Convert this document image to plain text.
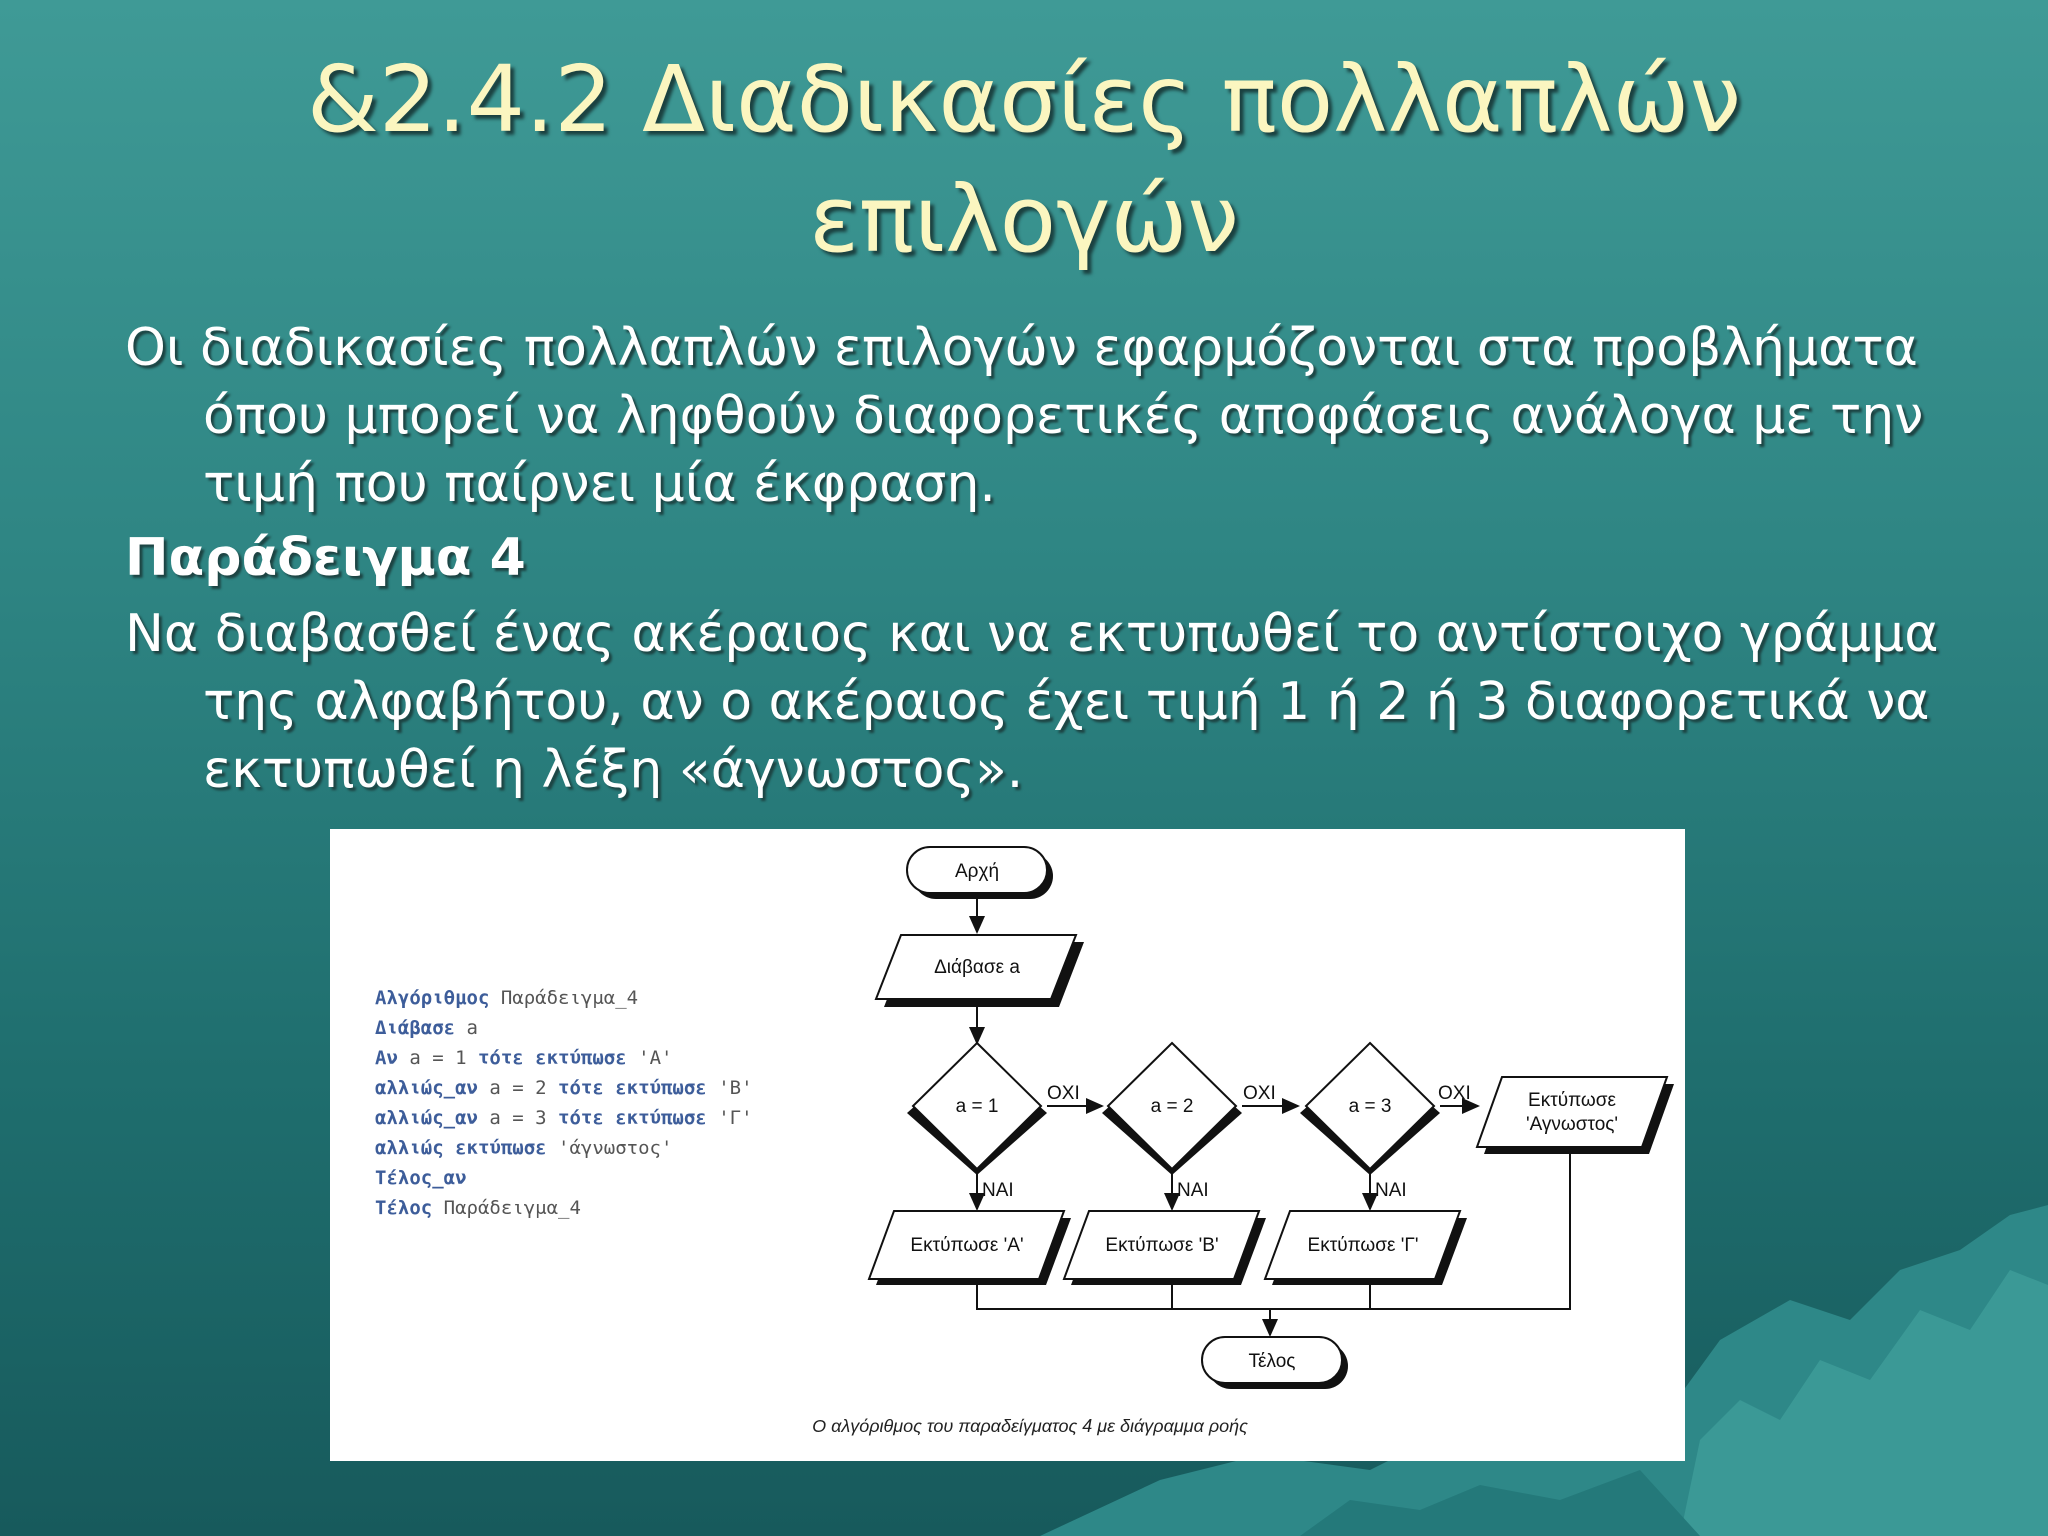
&2.4.2 Διαδικασίες πολλαπλών
επιλογών

Οι διαδικασίες πολλαπλών επιλογών εφαρμόζονται στα προβλήματα όπου μπορεί να ληφθούν διαφορετικές αποφάσεις ανάλογα με την τιμή που παίρνει μία έκφραση.

Παράδειγμα 4

Να διαβασθεί ένας ακέραιος και να εκτυπωθεί το αντίστοιχο γράμμα της αλφαβήτου, αν ο ακέραιος έχει τιμή 1 ή 2 ή 3 διαφορετικά να εκτυπωθεί η λέξη «άγνωστος».

Αλγόριθμος Παράδειγμα_4
Διάβασε a
Αν a = 1 τότε εκτύπωσε 'Α'
αλλιώς_αν a = 2 τότε εκτύπωσε 'Β'
αλλιώς_αν a = 3 τότε εκτύπωσε 'Γ'
αλλιώς εκτύπωσε 'άγνωστος'
Τέλος_αν
Τέλος Παράδειγμα_4
Αρχή
Διάβασε a
a = 1	a = 2	a = 3
ΟΧΙ	ΟΧΙ	ΟΧΙ
ΝΑΙ	ΝΑΙ	ΝΑΙ
Εκτύπωσε
'Αγνωστος'
Εκτύπωσε 'Α'	Εκτύπωσε 'Β'	Εκτύπωσε 'Γ'
Τέλος
Ο αλγόριθμος του παραδείγματος 4 με διάγραμμα ροής
